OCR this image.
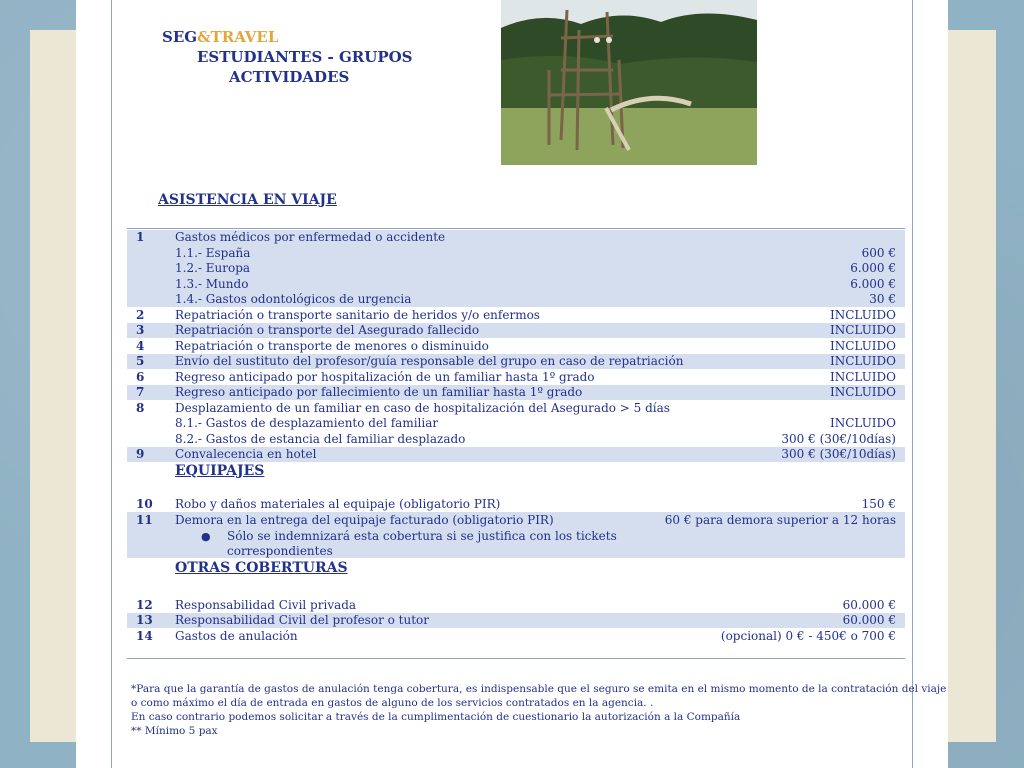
SEG&TRAVEL
ESTUDIANTES - GRUPOS
ACTIVIDADES
ASISTENCIA EN VIAJE
1	Gastos médicos por enfermedad o accidente
1.1.- España	600 €
1.2.- Europa	6.000 €
1.3.- Mundo	6.000 €
1.4.- Gastos odontológicos de urgencia	30 €
2	Repatriación o transporte sanitario de heridos y/o enfermos	INCLUIDO
3	Repatriación o transporte del Asegurado fallecido	INCLUIDO
4	Repatriación o transporte de menores o disminuido	INCLUIDO
5	Envío del sustituto del profesor/guía responsable del grupo en caso de repatriación	INCLUIDO
6	Regreso anticipado por hospitalización de un familiar hasta 1º grado	INCLUIDO
7	Regreso anticipado por fallecimiento de un familiar hasta 1º grado	INCLUIDO
8	Desplazamiento de un familiar en caso de hospitalización del Asegurado > 5 días
8.1.- Gastos de desplazamiento del familiar	INCLUIDO
8.2.- Gastos de estancia del familiar desplazado	300 € (30€/10días)
9	Convalecencia en hotel	300 € (30€/10días)
EQUIPAJES
10 Robo y daños materiales al equipaje (obligatorio PIR)	150 €
11 Demora en la entrega del equipaje facturado (obligatorio PIR)	60 € para demora superior a 12 horas
● Sólo se indemnizará esta cobertura si se justifica con los tickets
correspondientes
OTRAS COBERTURAS
12 Responsabilidad Civil privada	60.000 €
13 Responsabilidad Civil del profesor o tutor	60.000 €
14 Gastos de anulación	(opcional) 0 € - 450€ o 700 €
*Para que la garantía de gastos de anulación tenga cobertura, es indispensable que el seguro se emita en el mismo momento de la contratación del viaje
o como máximo el día de entrada en gastos de alguno de los servicios contratados en la agencia. .
En caso contrario podemos solicitar a través de la cumplimentación de cuestionario la autorización a la Compañía
** Mínimo 5 pax
